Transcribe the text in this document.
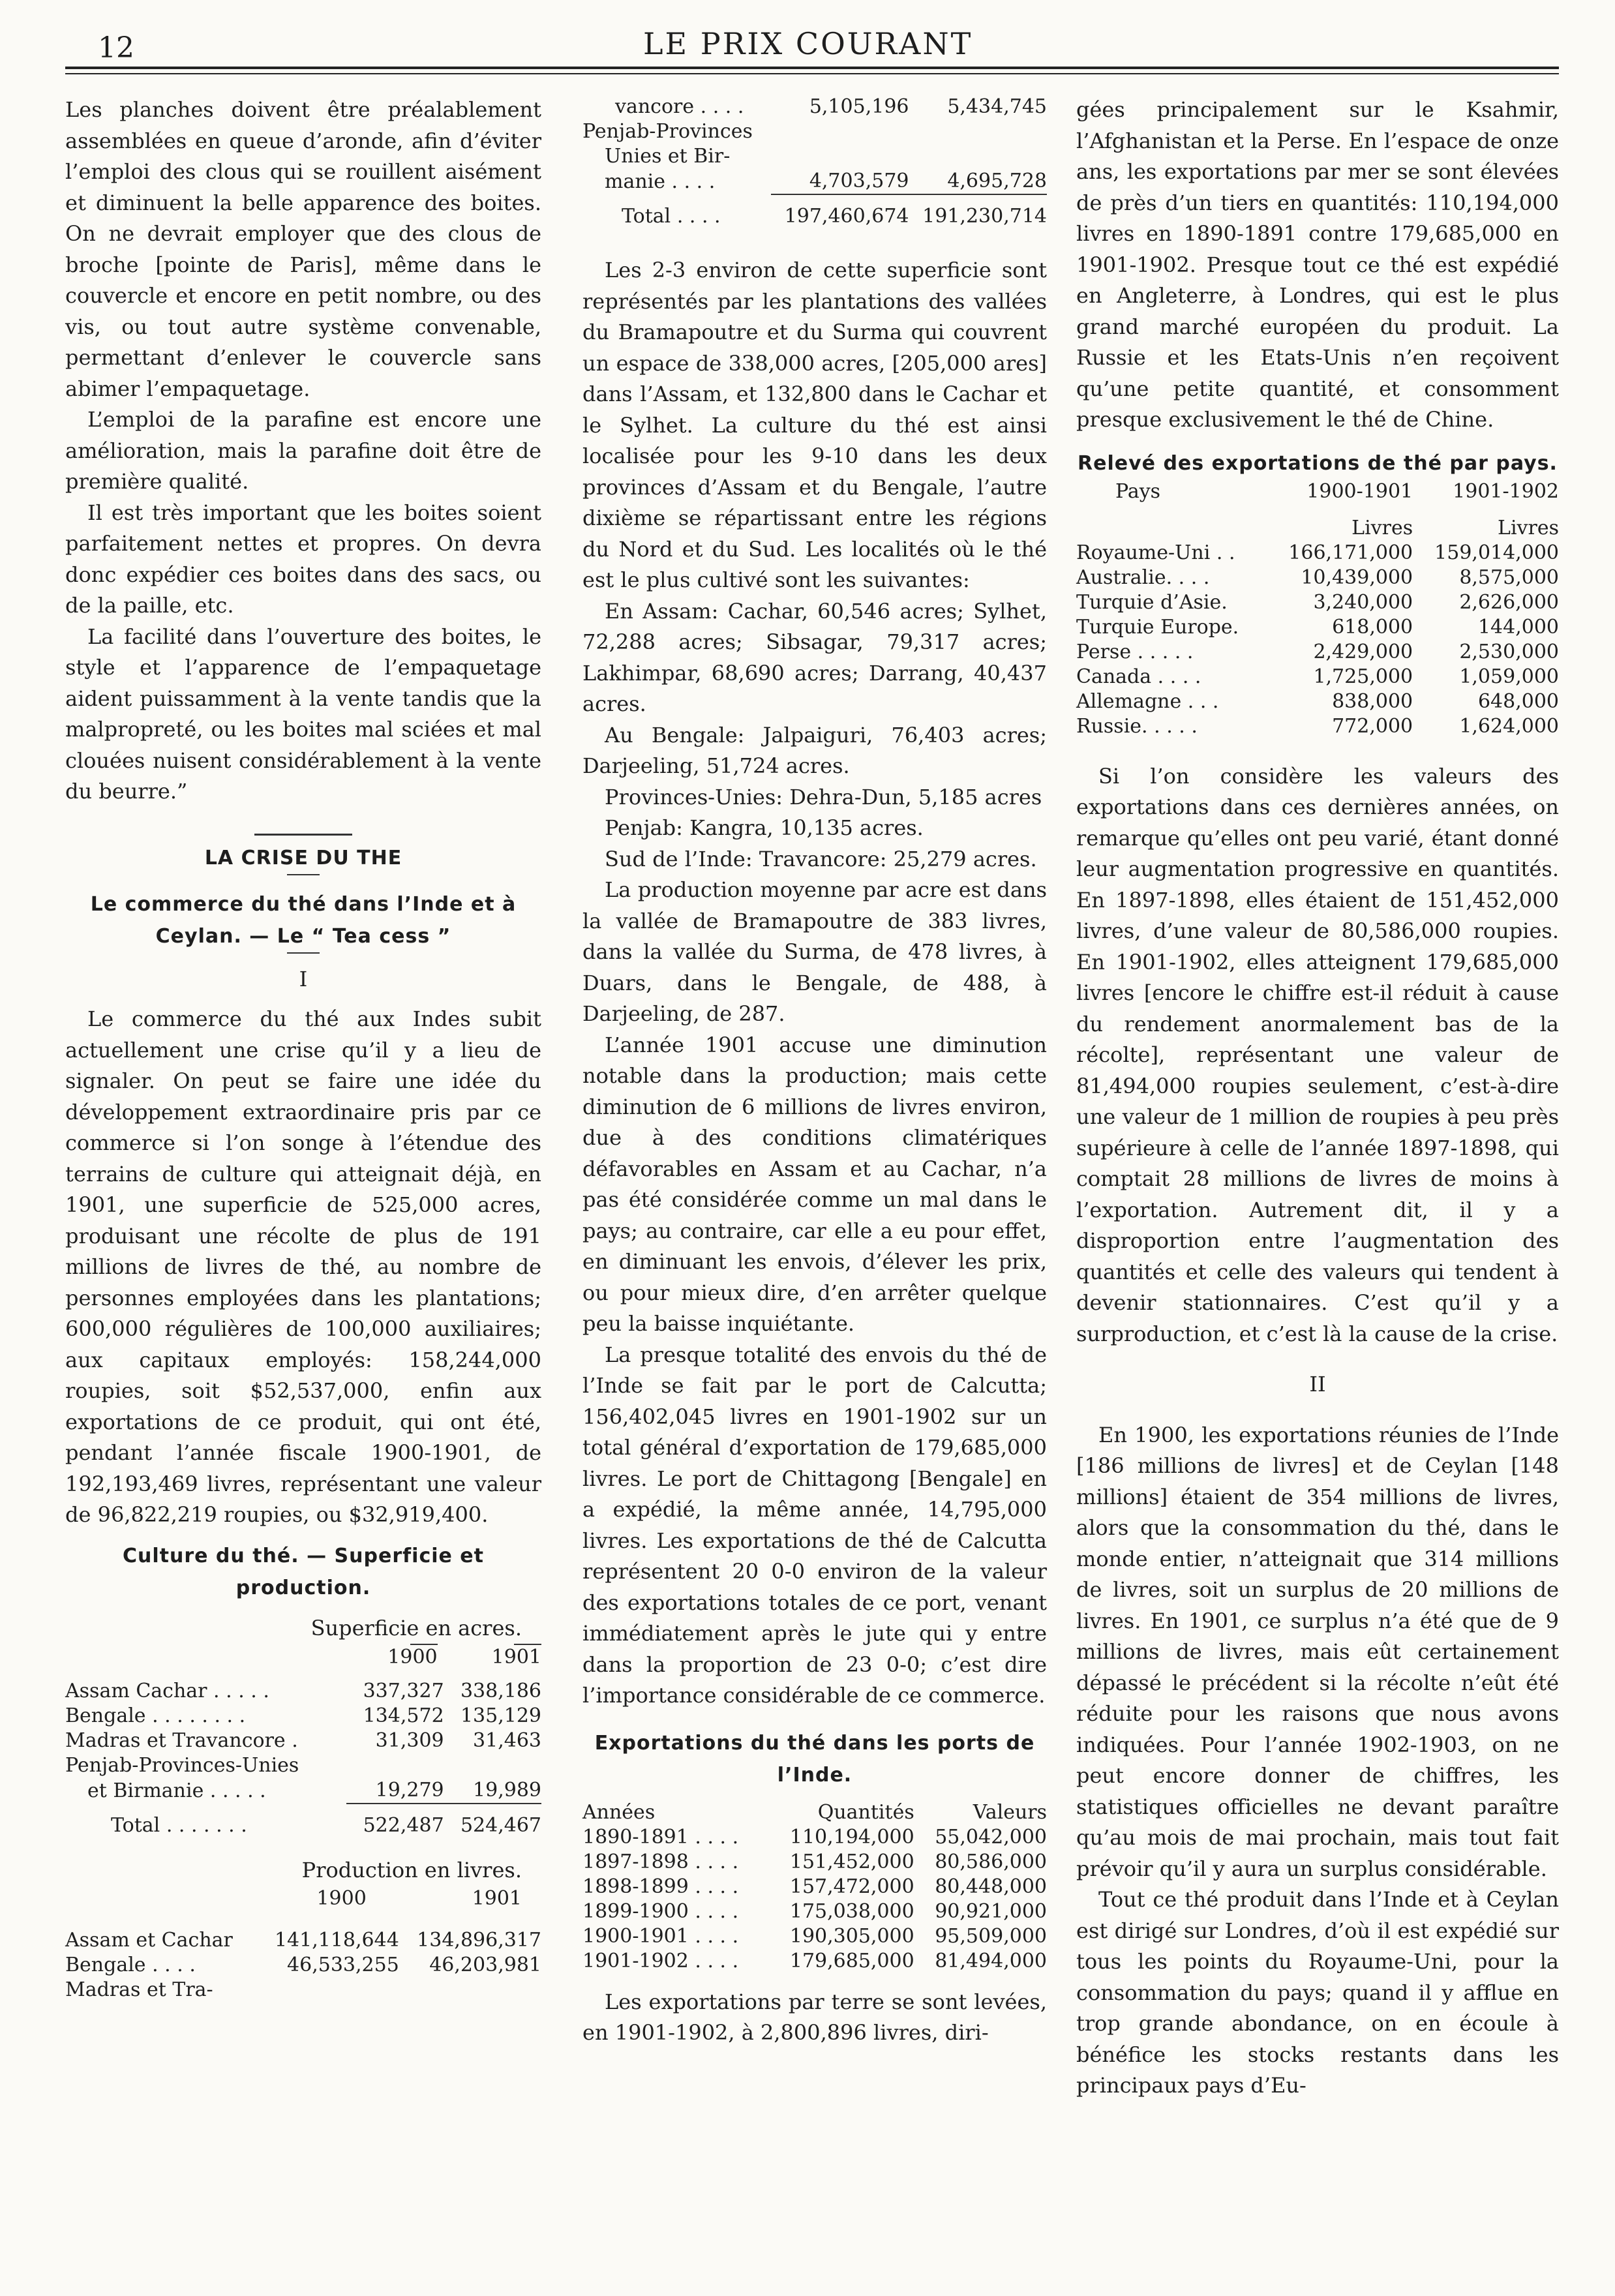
12	LE PRIX COURANT

Les planches doivent être préalablement assemblées en queue d’aronde, afin d’éviter l’emploi des clous qui se rouillent aisément et diminuent la belle apparence des boites. On ne devrait employer que des clous de broche [pointe de Paris], même dans le couvercle et encore en petit nombre, ou des vis, ou tout autre système convenable, permettant d’enlever le couvercle sans abimer l’empaquetage.

L’emploi de la parafine est encore une amélioration, mais la parafine doit être de première qualité.

Il est très important que les boites soient parfaitement nettes et propres. On devra donc expédier ces boites dans des sacs, ou de la paille, etc.

La facilité dans l’ouverture des boites, le style et l’apparence de l’empaquetage aident puissamment à la vente tandis que la malpropreté, ou les boites mal sciées et mal clouées nuisent considérablement à la vente du beurre.”

LA CRISE DU THE
Le commerce du thé dans l’Inde et à Ceylan. — Le “ Tea cess ”
I

Le commerce du thé aux Indes subit actuellement une crise qu’il y a lieu de signaler. On peut se faire une idée du développement extraordinaire pris par ce commerce si l’on songe à l’étendue des terrains de culture qui atteignait déjà, en 1901, une superficie de 525,000 acres, produisant une récolte de plus de 191 millions de livres de thé, au nombre de personnes employées dans les plantations; 600,000 régulières de 100,000 auxiliaires; aux capitaux employés: 158,244,000 roupies, soit $52,537,000, enfin aux exportations de ce produit, qui ont été, pendant l’année fiscale 1900-1901, de 192,193,469 livres, représentant une valeur de 96,822,219 roupies, ou $32,919,400.

Culture du thé. — Superficie et production.
Superficie en acres.

1900	1901

Assam Cachar . . . . .	337,327	338,186
Bengale . . . . . . . .	134,572	135,129
Madras et Travancore .	31,309	31,463
Penjab-Provinces-Unies		
et Birmanie . . . . .	19,279	19,989
Total . . . . . . .	522,487	524,467
Production en livres.
	1900	1901

Assam et Cachar	141,118,644	134,896,317
Bengale . . . .	46,533,255	46,203,981
Madras et Tra-		
vancore . . . .	5,105,196	5,434,745
Penjab-Provinces		
Unies et Bir-		
manie . . . .	4,703,579	4,695,728
Total . . . .	197,460,674	191,230,714

Les 2-3 environ de cette superficie sont représentés par les plantations des vallées du Bramapoutre et du Surma qui couvrent un espace de 338,000 acres, [205,000 ares] dans l’Assam, et 132,800 dans le Cachar et le Sylhet. La culture du thé est ainsi localisée pour les 9-10 dans les deux provinces d’Assam et du Bengale, l’autre dixième se répartissant entre les régions du Nord et du Sud. Les localités où le thé est le plus cultivé sont les suivantes:

En Assam: Cachar, 60,546 acres; Sylhet, 72,288 acres; Sibsagar, 79,317 acres; Lakhimpar, 68,690 acres; Darrang, 40,437 acres.

Au Bengale: Jalpaiguri, 76,403 acres; Darjeeling, 51,724 acres.

Provinces-Unies: Dehra-Dun, 5,185 acres

Penjab: Kangra, 10,135 acres.

Sud de l’Inde: Travancore: 25,279 acres.

La production moyenne par acre est dans la vallée de Bramapoutre de 383 livres, dans la vallée du Surma, de 478 livres, à Duars, dans le Bengale, de 488, à Darjeeling, de 287.

L’année 1901 accuse une diminution notable dans la production; mais cette diminution de 6 millions de livres environ, due à des conditions climatériques défavorables en Assam et au Cachar, n’a pas été considérée comme un mal dans le pays; au contraire, car elle a eu pour effet, en diminuant les envois, d’élever les prix, ou pour mieux dire, d’en arrêter quelque peu la baisse inquiétante.

La presque totalité des envois du thé de l’Inde se fait par le port de Calcutta; 156,402,045 livres en 1901-1902 sur un total général d’exportation de 179,685,000 livres. Le port de Chittagong [Bengale] en a expédié, la même année, 14,795,000 livres. Les exportations de thé de Calcutta représentent 20 0-0 environ de la valeur des exportations totales de ce port, venant immédiatement après le jute qui y entre dans la proportion de 23 0-0; c’est dire l’importance considérable de ce commerce.

Exportations du thé dans les ports de l’Inde.
Années	Quantités	Valeurs
1890-1891 . . . .	110,194,000	55,042,000
1897-1898 . . . .	151,452,000	80,586,000
1898-1899 . . . .	157,472,000	80,448,000
1899-1900 . . . .	175,038,000	90,921,000
1900-1901 . . . .	190,305,000	95,509,000
1901-1902 . . . .	179,685,000	81,494,000

Les exportations par terre se sont levées, en 1901-1902, à 2,800,896 livres, diri-

gées principalement sur le Ksahmir, l’Afghanistan et la Perse. En l’espace de onze ans, les exportations par mer se sont élevées de près d’un tiers en quantités: 110,194,000 livres en 1890-1891 contre 179,685,000 en 1901-1902. Presque tout ce thé est expédié en Angleterre, à Londres, qui est le plus grand marché européen du produit. La Russie et les Etats-Unis n’en reçoivent qu’une petite quantité, et consomment presque exclusivement le thé de Chine.

Relevé des exportations de thé par pays.
Pays	1900-1901	1901-1902
	Livres	Livres
Royaume-Uni . .	166,171,000	159,014,000
Australie. . . .	10,439,000	8,575,000
Turquie d’Asie.	3,240,000	2,626,000
Turquie Europe.	618,000	144,000
Perse . . . . .	2,429,000	2,530,000
Canada . . . .	1,725,000	1,059,000
Allemagne . . .	838,000	648,000
Russie. . . . .	772,000	1,624,000

Si l’on considère les valeurs des exportations dans ces dernières années, on remarque qu’elles ont peu varié, étant donné leur augmentation progressive en quantités. En 1897-1898, elles étaient de 151,452,000 livres, d’une valeur de 80,586,000 roupies. En 1901-1902, elles atteignent 179,685,000 livres [encore le chiffre est-il réduit à cause du rendement anormalement bas de la récolte], représentant une valeur de 81,494,000 roupies seulement, c’est-à-dire une valeur de 1 million de roupies à peu près supérieure à celle de l’année 1897-1898, qui comptait 28 millions de livres de moins à l’exportation. Autrement dit, il y a disproportion entre l’augmentation des quantités et celle des valeurs qui tendent à devenir stationnaires. C’est qu’il y a surproduction, et c’est là la cause de la crise.

II

En 1900, les exportations réunies de l’Inde [186 millions de livres] et de Ceylan [148 millions] étaient de 354 millions de livres, alors que la consommation du thé, dans le monde entier, n’atteignait que 314 millions de livres, soit un surplus de 20 millions de livres. En 1901, ce surplus n’a été que de 9 millions de livres, mais eût certainement dépassé le précédent si la récolte n’eût été réduite pour les raisons que nous avons indiquées. Pour l’année 1902-1903, on ne peut encore donner de chiffres, les statistiques officielles ne devant paraître qu’au mois de mai prochain, mais tout fait prévoir qu’il y aura un surplus considérable.

Tout ce thé produit dans l’Inde et à Ceylan est dirigé sur Londres, d’où il est expédié sur tous les points du Royaume-Uni, pour la consommation du pays; quand il y afflue en trop grande abondance, on en écoule à bénéfice les stocks restants dans les principaux pays d’Eu-
